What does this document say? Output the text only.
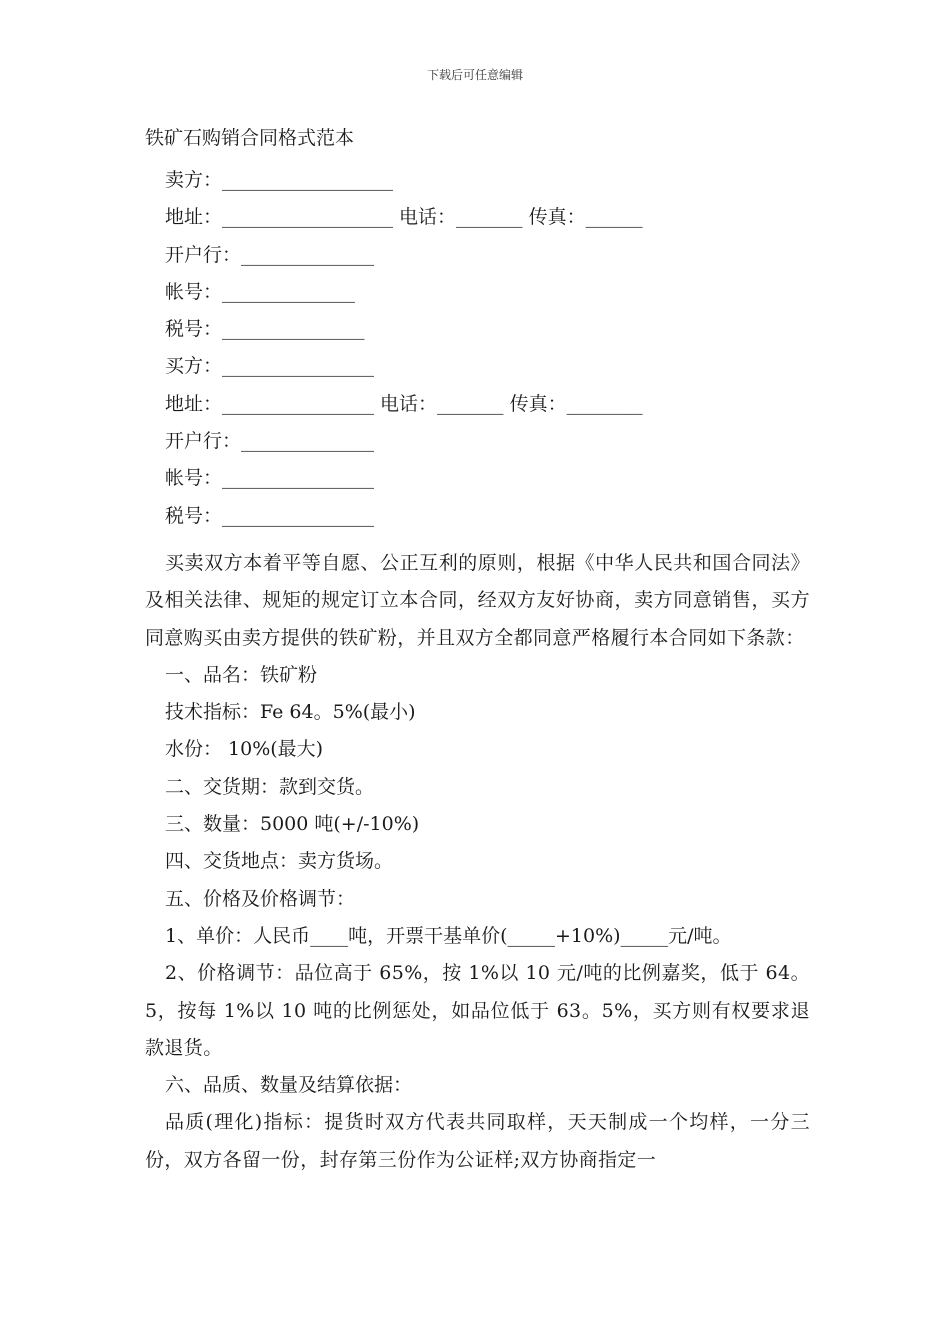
下载后可任意编辑
铁矿石购销合同格式范本
卖方：__________________
地址：__________________ 电话：_______ 传真：______
开户行：______________
帐号：______________
税号：_______________
买方：________________
地址：________________ 电话：_______ 传真：________
开户行：______________
帐号：________________
税号：________________

买卖双方本着平等自愿、公正互利的原则，根据《中华人民共和国合同法》及相关法律、规矩的规定订立本合同，经双方友好协商，卖方同意销售，买方同意购买由卖方提供的铁矿粉，并且双方全都同意严格履行本合同如下条款：

一、品名：铁矿粉
技术指标：Fe 64。5%(最小)
水份： 10%(最大)
二、交货期：款到交货。
三、数量：5000 吨(+/-10%)
四、交货地点：卖方货场。
五、价格及价格调节：
1、单价：人民币____吨，开票干基单价(_____+10%)_____元/吨。

2、价格调节：品位高于 65%，按 1%以 10 元/吨的比例嘉奖，低于 64。5，按每 1%以 10 吨的比例惩处，如品位低于 63。5%，买方则有权要求退款退货。

六、品质、数量及结算依据：

品质(理化)指标：提货时双方代表共同取样，天天制成一个均样，一分三份，双方各留一份，封存第三份作为公证样;双方协商指定一
